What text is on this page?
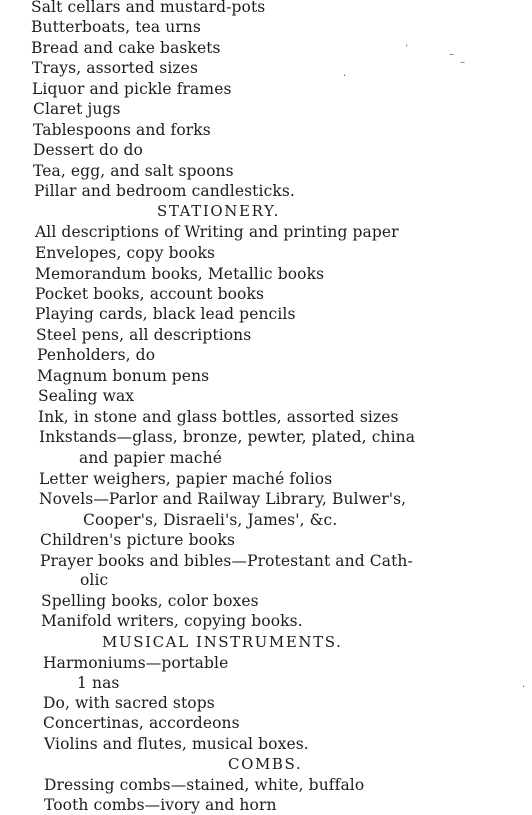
Salt cellars and mustard-pots
Butterboats, tea urns
Bread and cake baskets
Trays, assorted sizes
Liquor and pickle frames
Claret jugs
Tablespoons and forks
Dessert do do
Tea, egg, and salt spoons
Pillar and bedroom candlesticks.
STATIONERY.
All descriptions of Writing and printing paper
Envelopes, copy books
Memorandum books, Metallic books
Pocket books, account books
Playing cards, black lead pencils
Steel pens, all descriptions
Penholders, do
Magnum bonum pens
Sealing wax
Ink, in stone and glass bottles, assorted sizes
Inkstands—glass, bronze, pewter, plated, china
and papier maché
Letter weighers, papier maché folios
Novels—Parlor and Railway Library, Bulwer's,
Cooper's, Disraeli's, James', &c.
Children's picture books
Prayer books and bibles—Protestant and Cath-
olic
Spelling books, color boxes
Manifold writers, copying books.
MUSICAL INSTRUMENTS.
Harmoniums—portable
1 nas
Do, with sacred stops
Concertinas, accordeons
Violins and flutes, musical boxes.
COMBS.
Dressing combs—stained, white, buffalo
Tooth combs—ivory and horn
·
–
–
·
·
